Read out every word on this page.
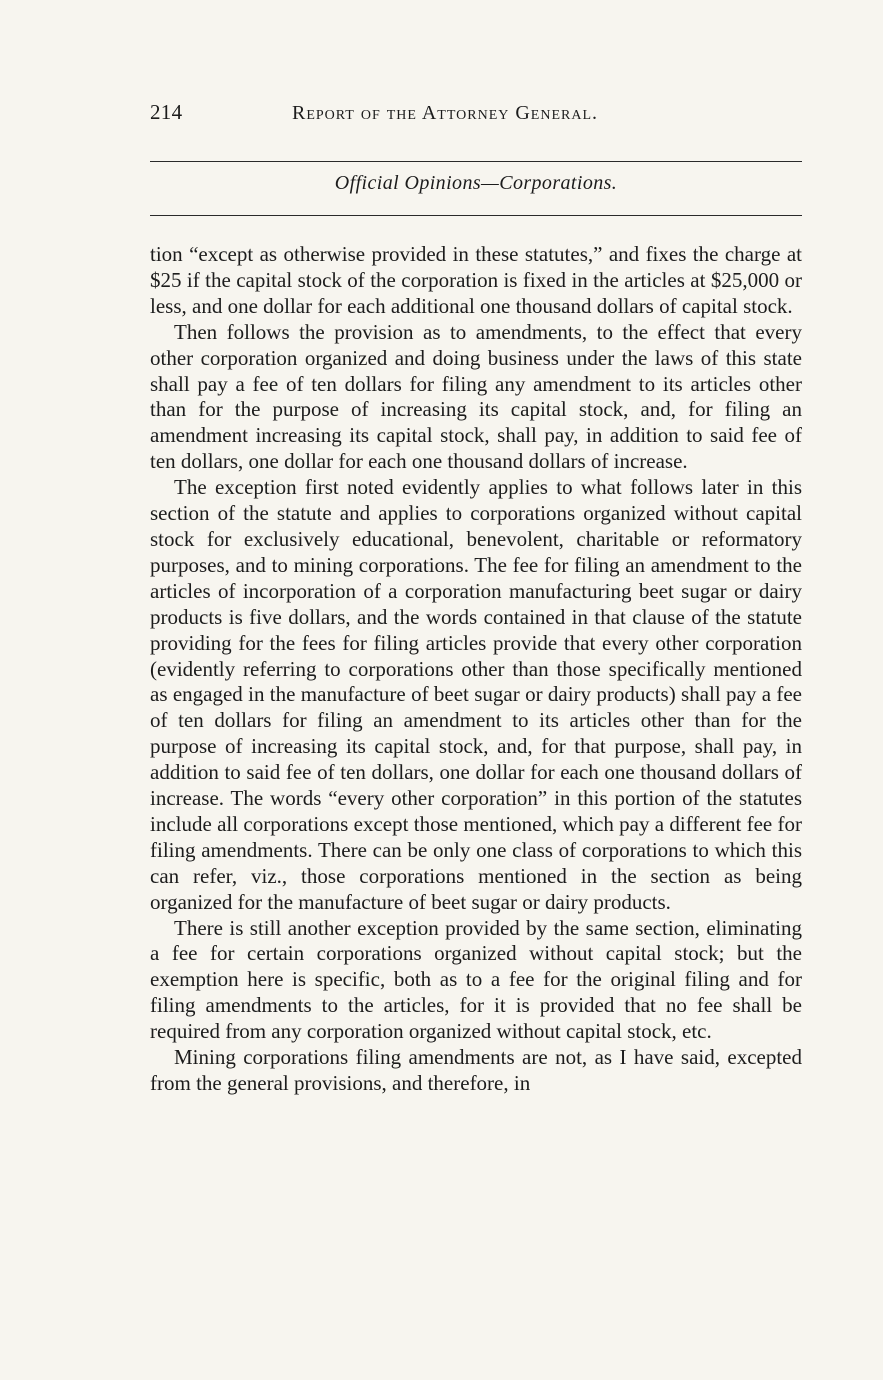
214	Report of the Attorney General.
Official Opinions—Corporations.

tion “except as otherwise provided in these statutes,” and fixes the charge at $25 if the capital stock of the corporation is fixed in the articles at $25,000 or less, and one dollar for each additional one thousand dollars of capital stock.

Then follows the provision as to amendments, to the effect that every other corporation organized and doing business under the laws of this state shall pay a fee of ten dollars for filing any amendment to its articles other than for the purpose of increasing its capital stock, and, for filing an amendment increasing its capital stock, shall pay, in addition to said fee of ten dollars, one dollar for each one thousand dollars of increase.

The exception first noted evidently applies to what follows later in this section of the statute and applies to corporations organized without capital stock for exclusively educational, benevolent, charitable or reformatory purposes, and to mining corporations. The fee for filing an amendment to the articles of incorporation of a corporation manufacturing beet sugar or dairy products is five dollars, and the words contained in that clause of the statute providing for the fees for filing articles provide that every other corporation (evidently referring to corporations other than those specifically mentioned as engaged in the manufacture of beet sugar or dairy products) shall pay a fee of ten dollars for filing an amendment to its articles other than for the purpose of increasing its capital stock, and, for that purpose, shall pay, in addition to said fee of ten dollars, one dollar for each one thousand dollars of increase. The words “every other corporation” in this portion of the statutes include all corporations except those mentioned, which pay a different fee for filing amendments. There can be only one class of corporations to which this can refer, viz., those corporations mentioned in the section as being organized for the manufacture of beet sugar or dairy products.

There is still another exception provided by the same section, eliminating a fee for certain corporations organized without capital stock; but the exemption here is specific, both as to a fee for the original filing and for filing amendments to the articles, for it is provided that no fee shall be required from any corporation organized without capital stock, etc.

Mining corporations filing amendments are not, as I have said, excepted from the general provisions, and therefore, in
